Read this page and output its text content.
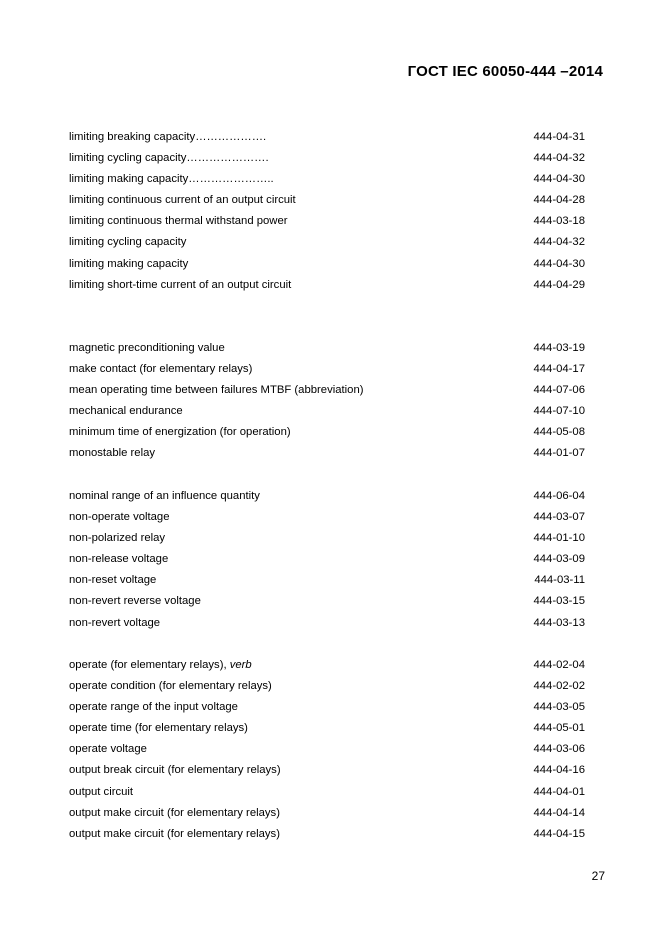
ГОСТ IEC 60050-444 –2014
limiting breaking capacity……………….	444-04-31
limiting cycling capacity………………….	444-04-32
limiting making capacity…………………..	444-04-30
limiting continuous current of an output circuit	444-04-28
limiting continuous thermal withstand power	444-03-18
limiting cycling capacity	444-04-32
limiting making capacity	444-04-30
limiting short-time current of an output circuit	444-04-29
magnetic preconditioning value	444-03-19
make contact (for elementary relays)	444-04-17
mean operating time between failures MTBF (abbreviation)	444-07-06
mechanical endurance	444-07-10
minimum time of energization (for operation)	444-05-08
monostable relay	444-01-07
nominal range of an influence quantity	444-06-04
non-operate voltage	444-03-07
non-polarized relay	444-01-10
non-release voltage	444-03-09
non-reset voltage	444-03-11
non-revert reverse voltage	444-03-15
non-revert voltage	444-03-13
operate (for elementary relays), verb	444-02-04
operate condition (for elementary relays)	444-02-02
operate range of the input voltage	444-03-05
operate time (for elementary relays)	444-05-01
operate voltage	444-03-06
output break circuit (for elementary relays)	444-04-16
output circuit	444-04-01
output make circuit (for elementary relays)	444-04-14
output make circuit (for elementary relays)	444-04-15
27
